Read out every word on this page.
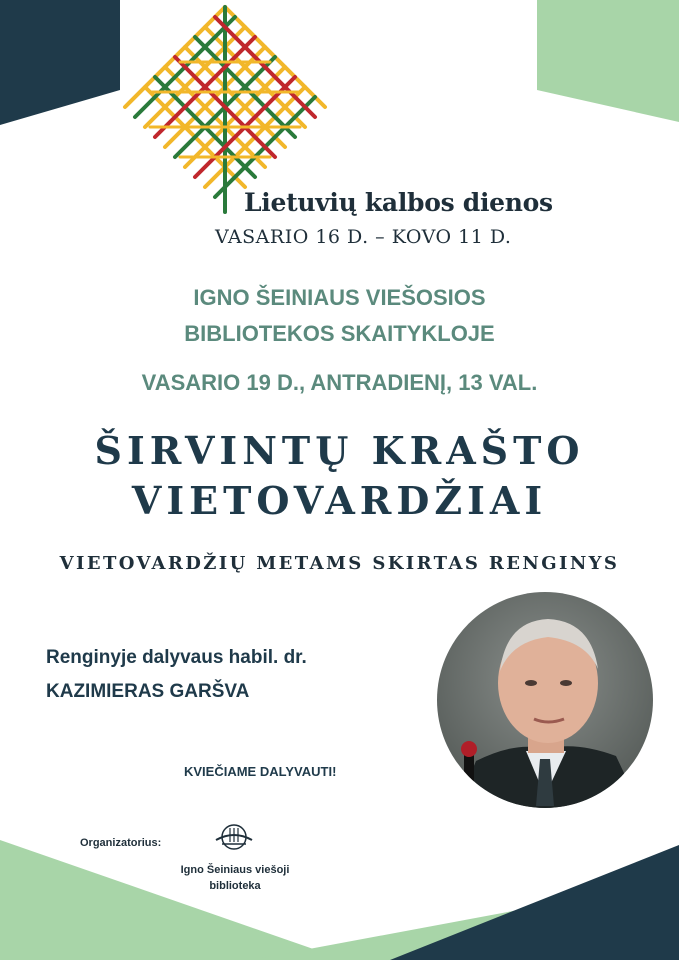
Lietuvių kalbos dienos
VASARIO 16 D. – KOVO 11 D.
IGNO ŠEINIAUS VIEŠOSIOS
BIBLIOTEKOS SKAITYKLOJE
VASARIO 19 D., ANTRADIENĮ, 13 VAL.
ŠIRVINTŲ KRAŠTO
VIETOVARDŽIAI
VIETOVARDŽIŲ METAMS SKIRTAS RENGINYS
Renginyje dalyvaus habil. dr.
KAZIMIERAS GARŠVA
KVIEČIAME DALYVAUTI!
Organizatorius:
Igno Šeiniaus viešoji
biblioteka
